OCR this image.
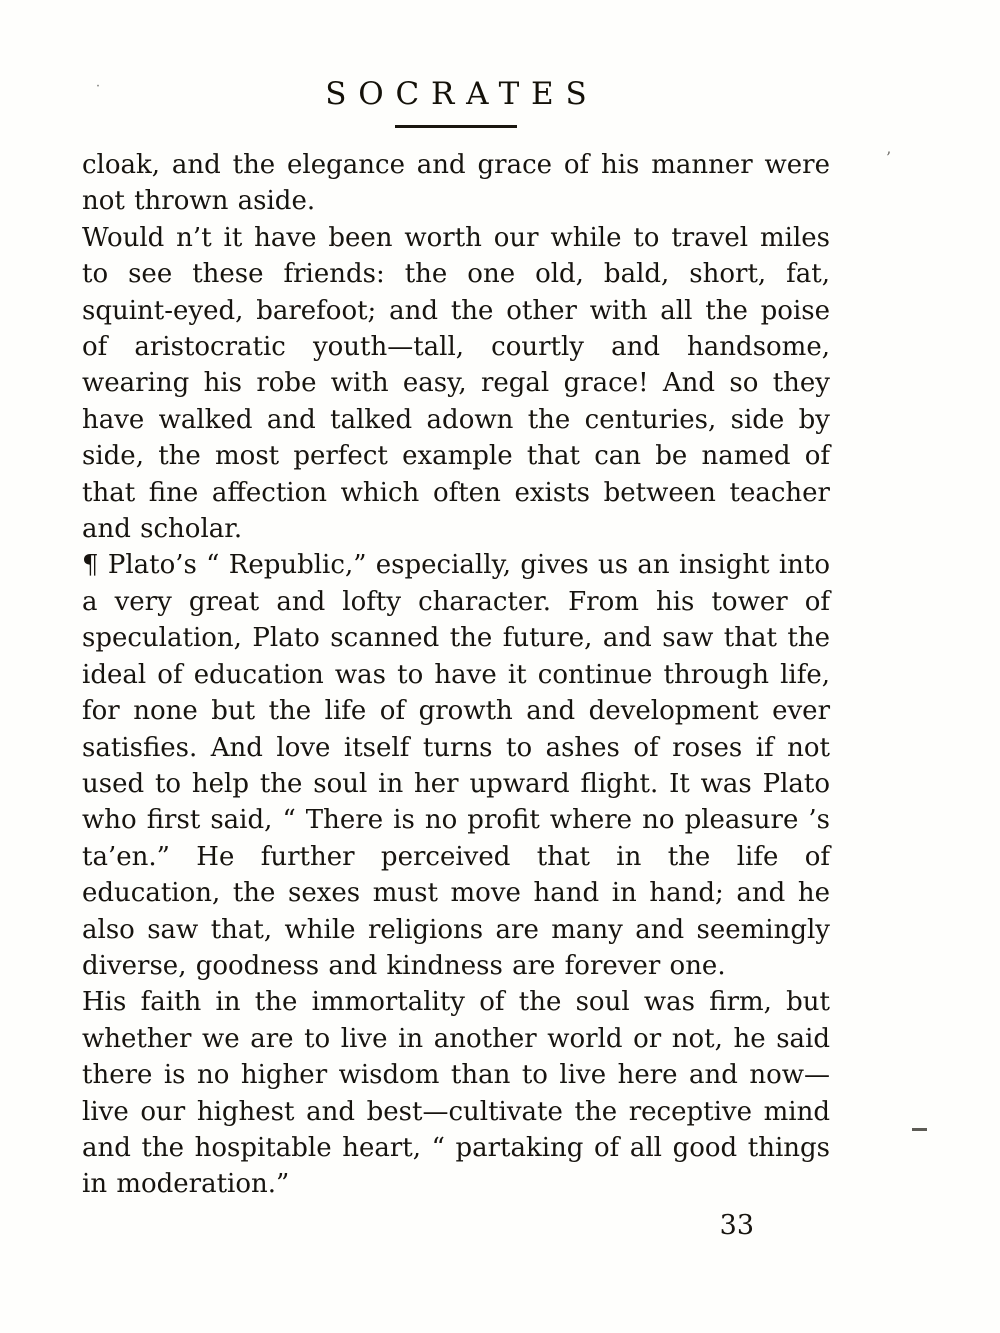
˙
’
SOCRATES

cloak, and the elegance and grace of his manner were not thrown aside.

Would n’t it have been worth our while to travel miles to see these friends: the one old, bald, short, fat, squint-eyed, barefoot; and the other with all the poise of aristocratic youth—tall, courtly and handsome, wearing his robe with easy, regal grace! And so they have walked and talked adown the centuries, side by side, the most perfect example that can be named of that fine affection which often exists between teacher and scholar.

¶ Plato’s “ Republic,” especially, gives us an insight into a very great and lofty character. From his tower of speculation, Plato scanned the future, and saw that the ideal of education was to have it continue through life, for none but the life of growth and development ever satisfies. And love itself turns to ashes of roses if not used to help the soul in her upward flight. It was Plato who first said, “ There is no profit where no pleasure ’s ta’en.” He further perceived that in the life of education, the sexes must move hand in hand; and he also saw that, while religions are many and seemingly diverse, goodness and kindness are forever one.

His faith in the immortality of the soul was firm, but whether we are to live in another world or not, he said there is no higher wisdom than to live here and now—live our highest and best—cultivate the receptive mind and the hospitable heart, “ partaking of all good things in moderation.”

33
